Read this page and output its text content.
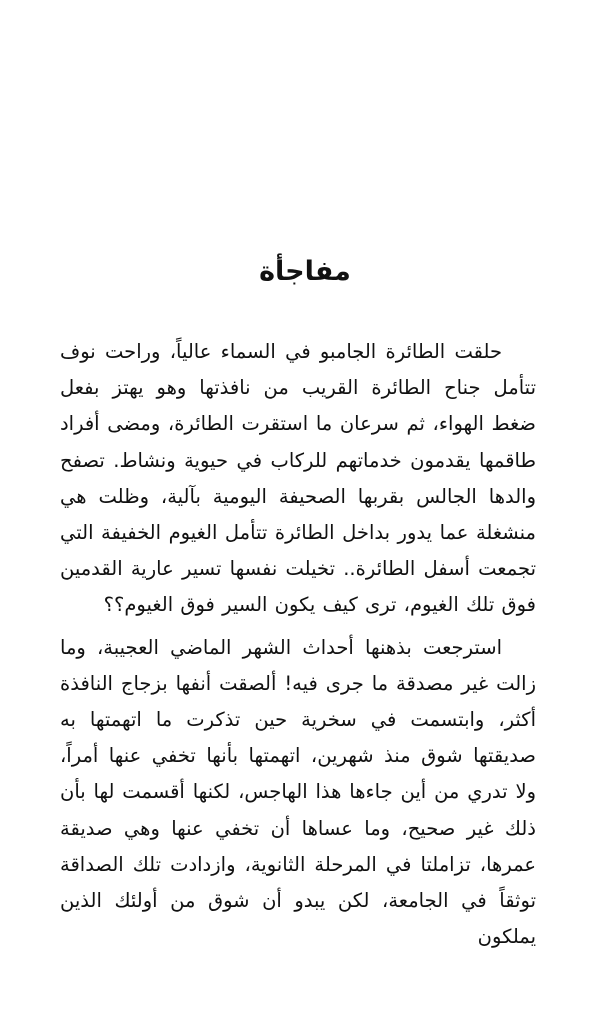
مفاجأة

حلقت الطائرة الجامبو في السماء عالياً، وراحت نوف تتأمل جناح الطائرة القريب من نافذتها وهو يهتز بفعل ضغط الهواء، ثم سرعان ما استقرت الطائرة، ومضى أفراد طاقمها يقدمون خدماتهم للركاب في حيوية ونشاط. تصفح والدها الجالس بقربها الصحيفة اليومية بآلية، وظلت هي منشغلة عما يدور بداخل الطائرة تتأمل الغيوم الخفيفة التي تجمعت أسفل الطائرة.. تخيلت نفسها تسير عارية القدمين فوق تلك الغيوم، ترى كيف يكون السير فوق الغيوم؟؟

استرجعت بذهنها أحداث الشهر الماضي العجيبة، وما زالت غير مصدقة ما جرى فيه! ألصقت أنفها بزجاج النافذة أكثر، وابتسمت في سخرية حين تذكرت ما اتهمتها به صديقتها شوق منذ شهرين، اتهمتها بأنها تخفي عنها أمراً، ولا تدري من أين جاءها هذا الهاجس، لكنها أقسمت لها بأن ذلك غير صحيح، وما عساها أن تخفي عنها وهي صديقة عمرها، تزاملتا في المرحلة الثانوية، وازدادت تلك الصداقة توثقاً في الجامعة، لكن يبدو أن شوق من أولئك الذين يملكون
